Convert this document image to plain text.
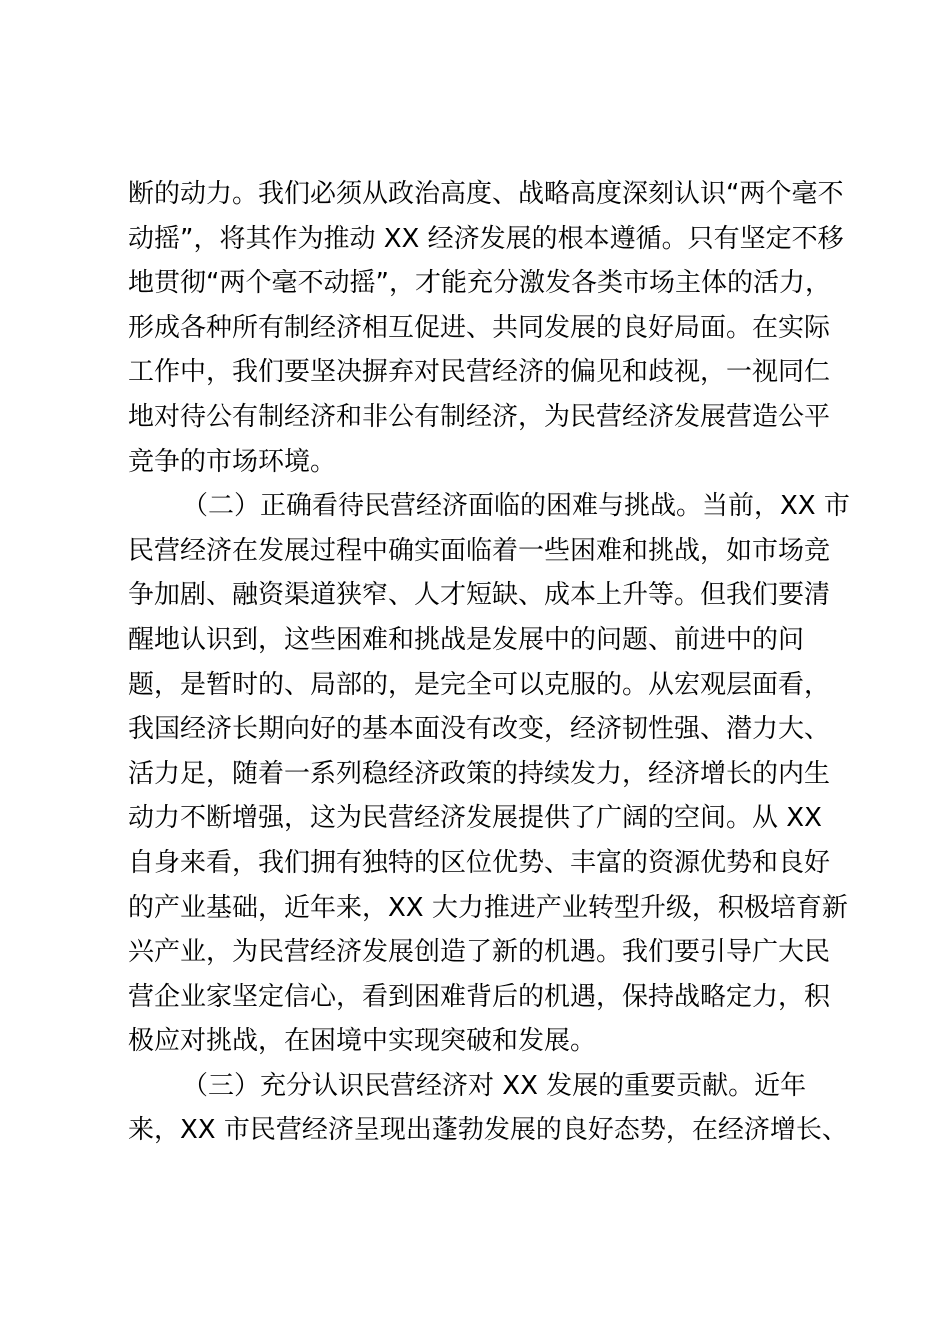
断的动力。我们必须从政治高度、战略高度深刻认识“两个毫不
动摇”，将其作为推动 XX 经济发展的根本遵循。只有坚定不移
地贯彻“两个毫不动摇”，才能充分激发各类市场主体的活力，
形成各种所有制经济相互促进、共同发展的良好局面。在实际
工作中，我们要坚决摒弃对民营经济的偏见和歧视，一视同仁
地对待公有制经济和非公有制经济，为民营经济发展营造公平
竞争的市场环境。
（二）正确看待民营经济面临的困难与挑战。当前，XX 市
民营经济在发展过程中确实面临着一些困难和挑战，如市场竞
争加剧、融资渠道狭窄、人才短缺、成本上升等。但我们要清
醒地认识到，这些困难和挑战是发展中的问题、前进中的问
题，是暂时的、局部的，是完全可以克服的。从宏观层面看，
我国经济长期向好的基本面没有改变，经济韧性强、潜力大、
活力足，随着一系列稳经济政策的持续发力，经济增长的内生
动力不断增强，这为民营经济发展提供了广阔的空间。从 XX
自身来看，我们拥有独特的区位优势、丰富的资源优势和良好
的产业基础，近年来，XX 大力推进产业转型升级，积极培育新
兴产业，为民营经济发展创造了新的机遇。我们要引导广大民
营企业家坚定信心，看到困难背后的机遇，保持战略定力，积
极应对挑战，在困境中实现突破和发展。
（三）充分认识民营经济对 XX 发展的重要贡献。近年
来，XX 市民营经济呈现出蓬勃发展的良好态势，在经济增长、
